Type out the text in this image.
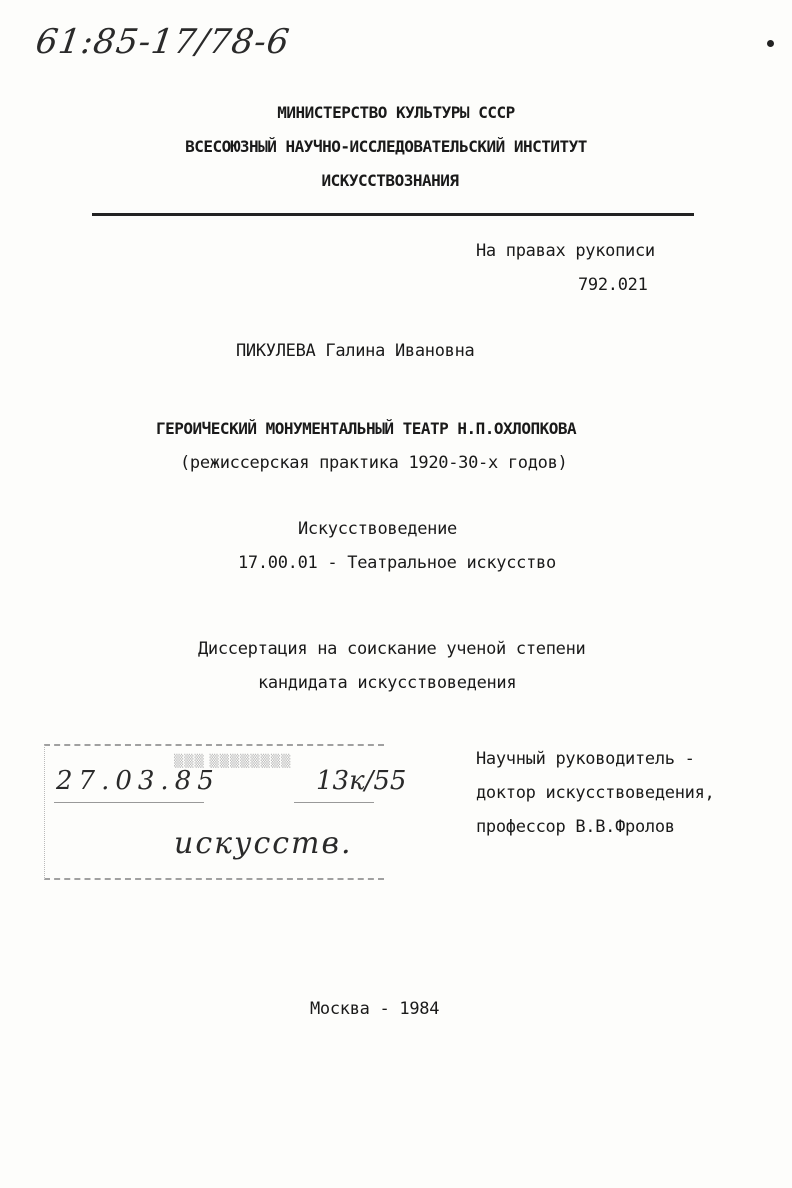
61:85-17/78-6
МИНИСТЕРСТВО КУЛЬТУРЫ СССР
ВСЕСОЮЗНЫЙ НАУЧНО-ИССЛЕДОВАТЕЛЬСКИЙ ИНСТИТУТ
ИСКУССТВОЗНАНИЯ
На правах рукописи
792.021
ПИКУЛЕВА Галина Ивановна
ГЕРОИЧЕСКИЙ МОНУМЕНТАЛЬНЫЙ ТЕАТР Н.П.ОХЛОПКОВА
(режиссерская практика 1920-30-х годов)
Искусствоведение
17.00.01 - Театральное искусство
Диссертация на соискание ученой степени
кандидата искусствоведения
▒▒▒ ▒▒▒▒▒▒▒▒
27.03.85	13к/55
искусств.
Научный руководитель -
доктор искусствоведения,
профессор В.В.Фролов
Москва - 1984
